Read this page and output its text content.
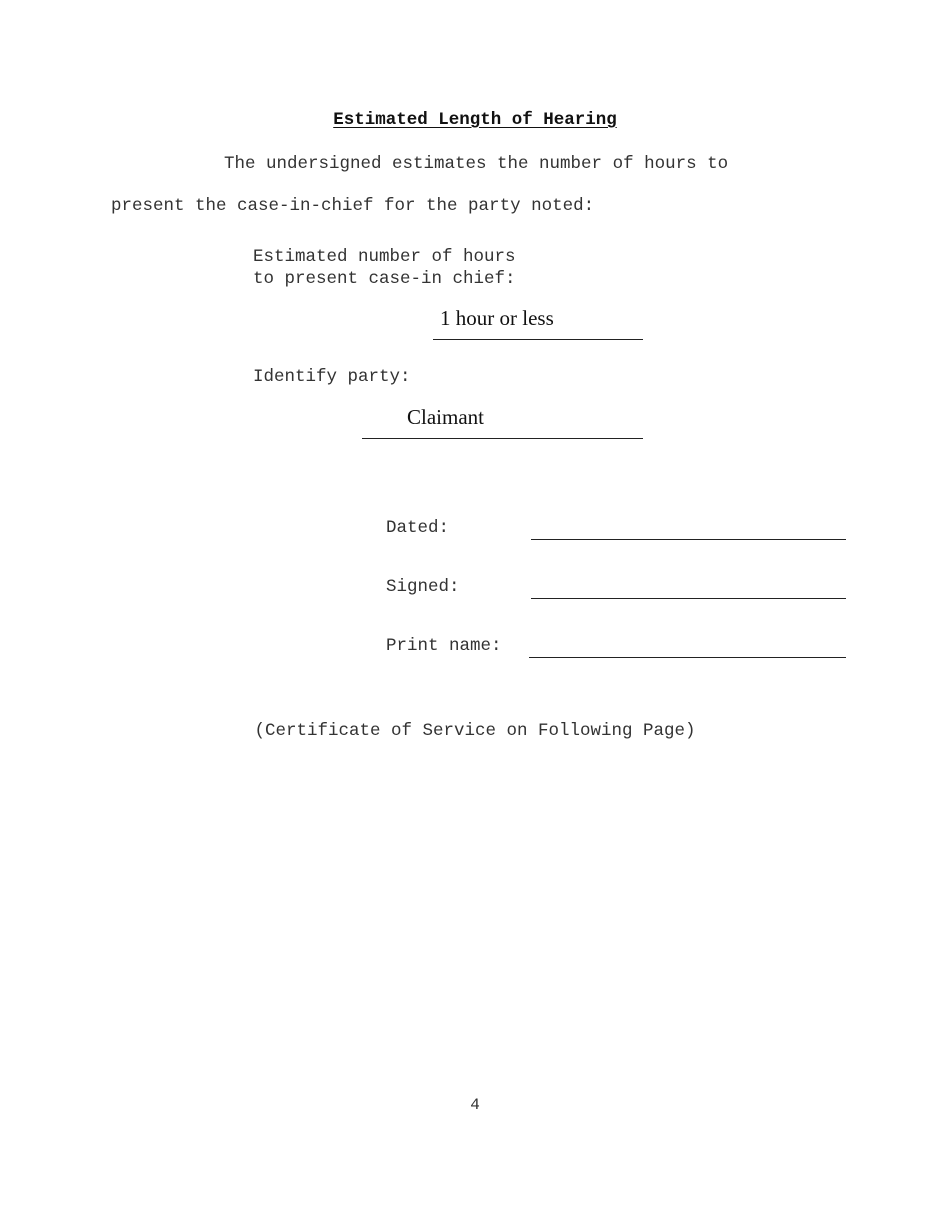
Estimated Length of Hearing
The undersigned estimates the number of hours to
present the case-in-chief for the party noted:
Estimated number of hours
to present case-in chief:
1 hour or less
Identify party:
Claimant
Dated:
Signed:
Print name:
(Certificate of Service on Following Page)
4
